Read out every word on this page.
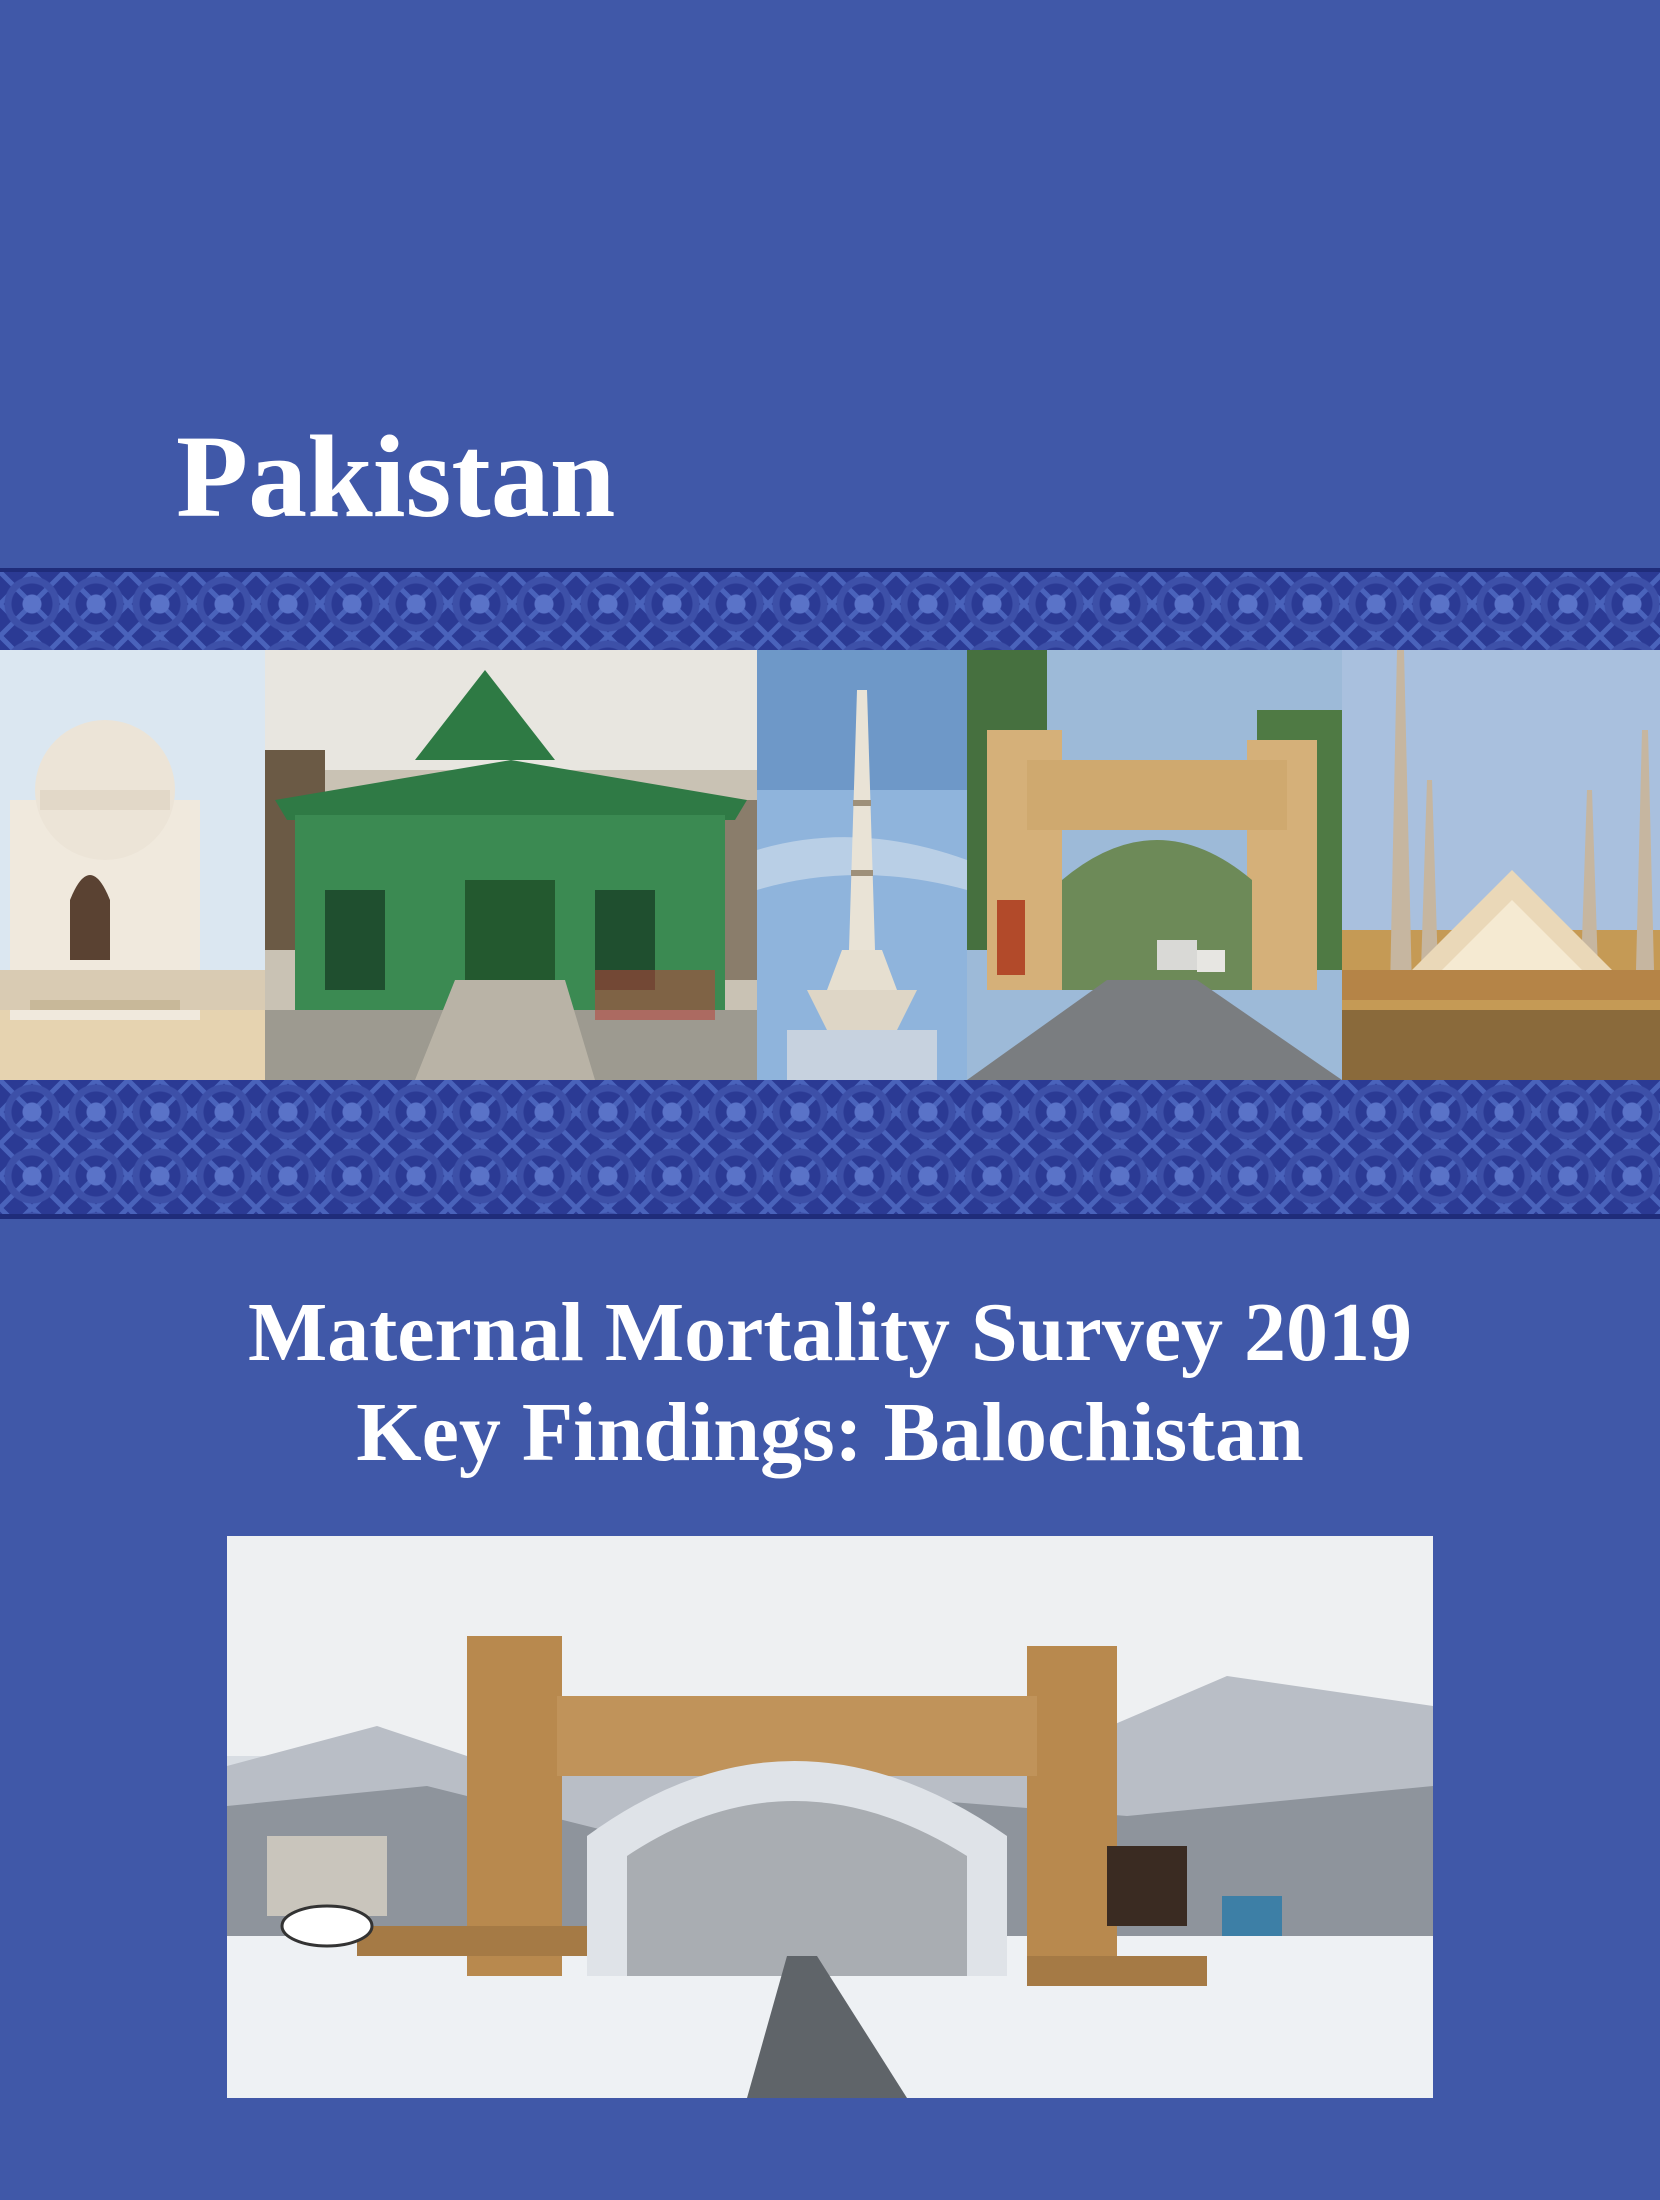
Pakistan
Maternal Mortality Survey 2019
Key Findings: Balochistan
